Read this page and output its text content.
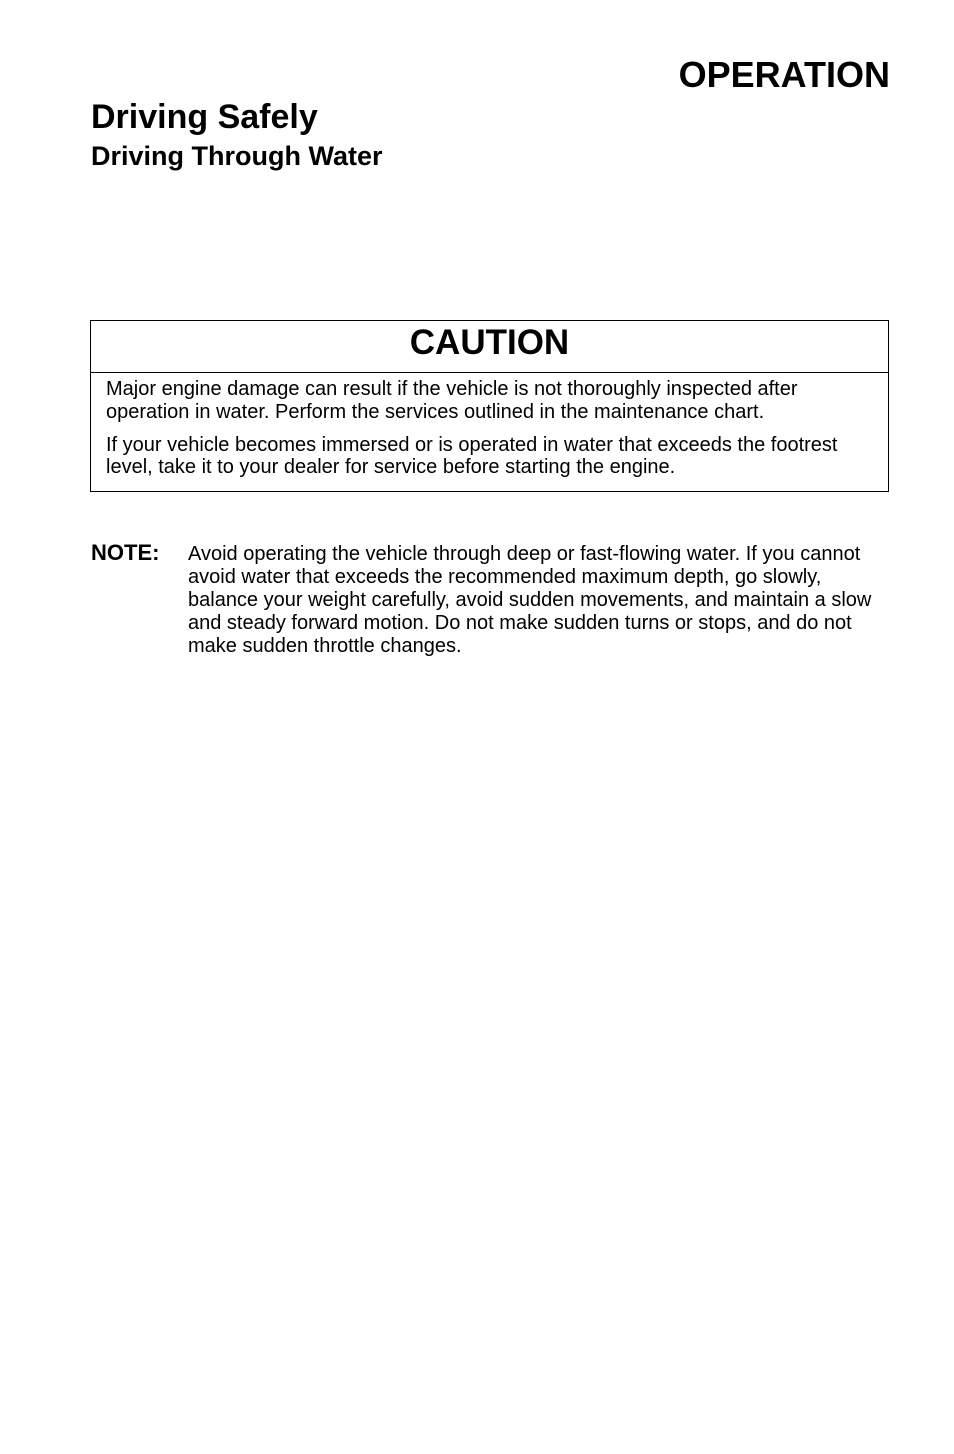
OPERATION
Driving Safely
Driving Through Water
CAUTION

Major engine damage can result if the vehicle is not thoroughly inspected after operation in water. Perform the services outlined in the maintenance chart.

If your vehicle becomes immersed or is operated in water that exceeds the footrest level, take it to your dealer for service before starting the engine.

NOTE: Avoid operating the vehicle through deep or fast-flowing water. If you cannot avoid water that exceeds the recommended maximum depth, go slowly, balance your weight carefully, avoid sudden movements, and maintain a slow and steady forward motion. Do not make sudden turns or stops, and do not make sudden throttle changes.
